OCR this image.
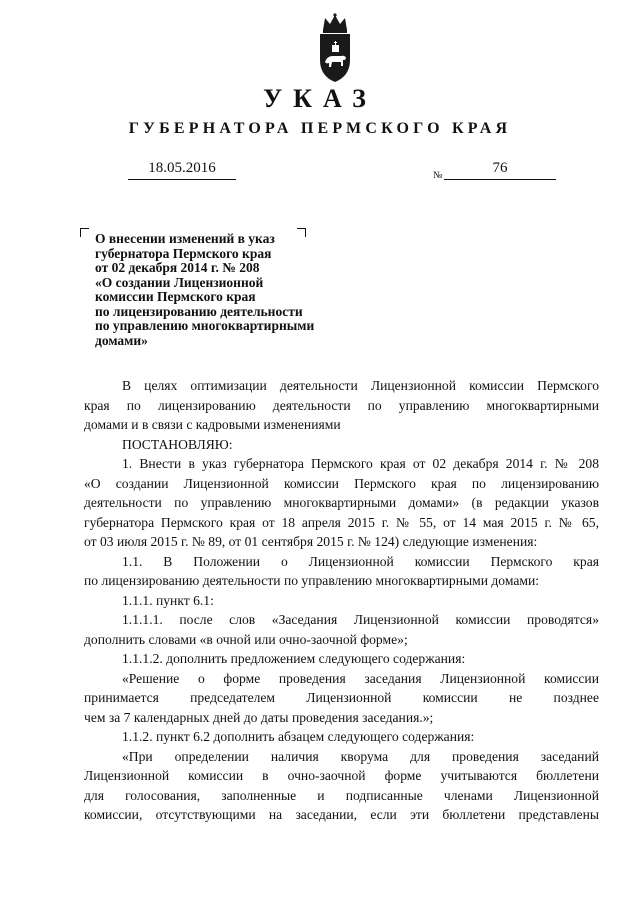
УКАЗ
ГУБЕРНАТОРА ПЕРМСКОГО КРАЯ
18.05.2016	№	76
О внесении изменений в указ
губернатора Пермского края
от 02 декабря 2014 г. № 208
«О создании Лицензионной
комиссии Пермского края
по лицензированию деятельности
по управлению многоквартирными
домами»
В целях оптимизации деятельности Лицензионной комиссии Пермского
края по лицензированию деятельности по управлению многоквартирными
домами и в связи с кадровыми изменениями
ПОСТАНОВЛЯЮ:
1. Внести в указ губернатора Пермского края от 02 декабря 2014 г. № 208
«О создании Лицензионной комиссии Пермского края по лицензированию
деятельности по управлению многоквартирными домами» (в редакции указов
губернатора Пермского края от 18 апреля 2015 г. № 55, от 14 мая 2015 г. № 65,
от 03 июля 2015 г. № 89, от 01 сентября 2015 г. № 124) следующие изменения:
1.1. В Положении о Лицензионной комиссии Пермского края
по лицензированию деятельности по управлению многоквартирными домами:
1.1.1. пункт 6.1:
1.1.1.1. после слов «Заседания Лицензионной комиссии проводятся»
дополнить словами «в очной или очно-заочной форме»;
1.1.1.2. дополнить предложением следующего содержания:
«Решение о форме проведения заседания Лицензионной комиссии
принимается председателем Лицензионной комиссии не позднее
чем за 7 календарных дней до даты проведения заседания.»;
1.1.2. пункт 6.2 дополнить абзацем следующего содержания:
«При определении наличия кворума для проведения заседаний
Лицензионной комиссии в очно-заочной форме учитываются бюллетени
для голосования, заполненные и подписанные членами Лицензионной
комиссии, отсутствующими на заседании, если эти бюллетени представлены
